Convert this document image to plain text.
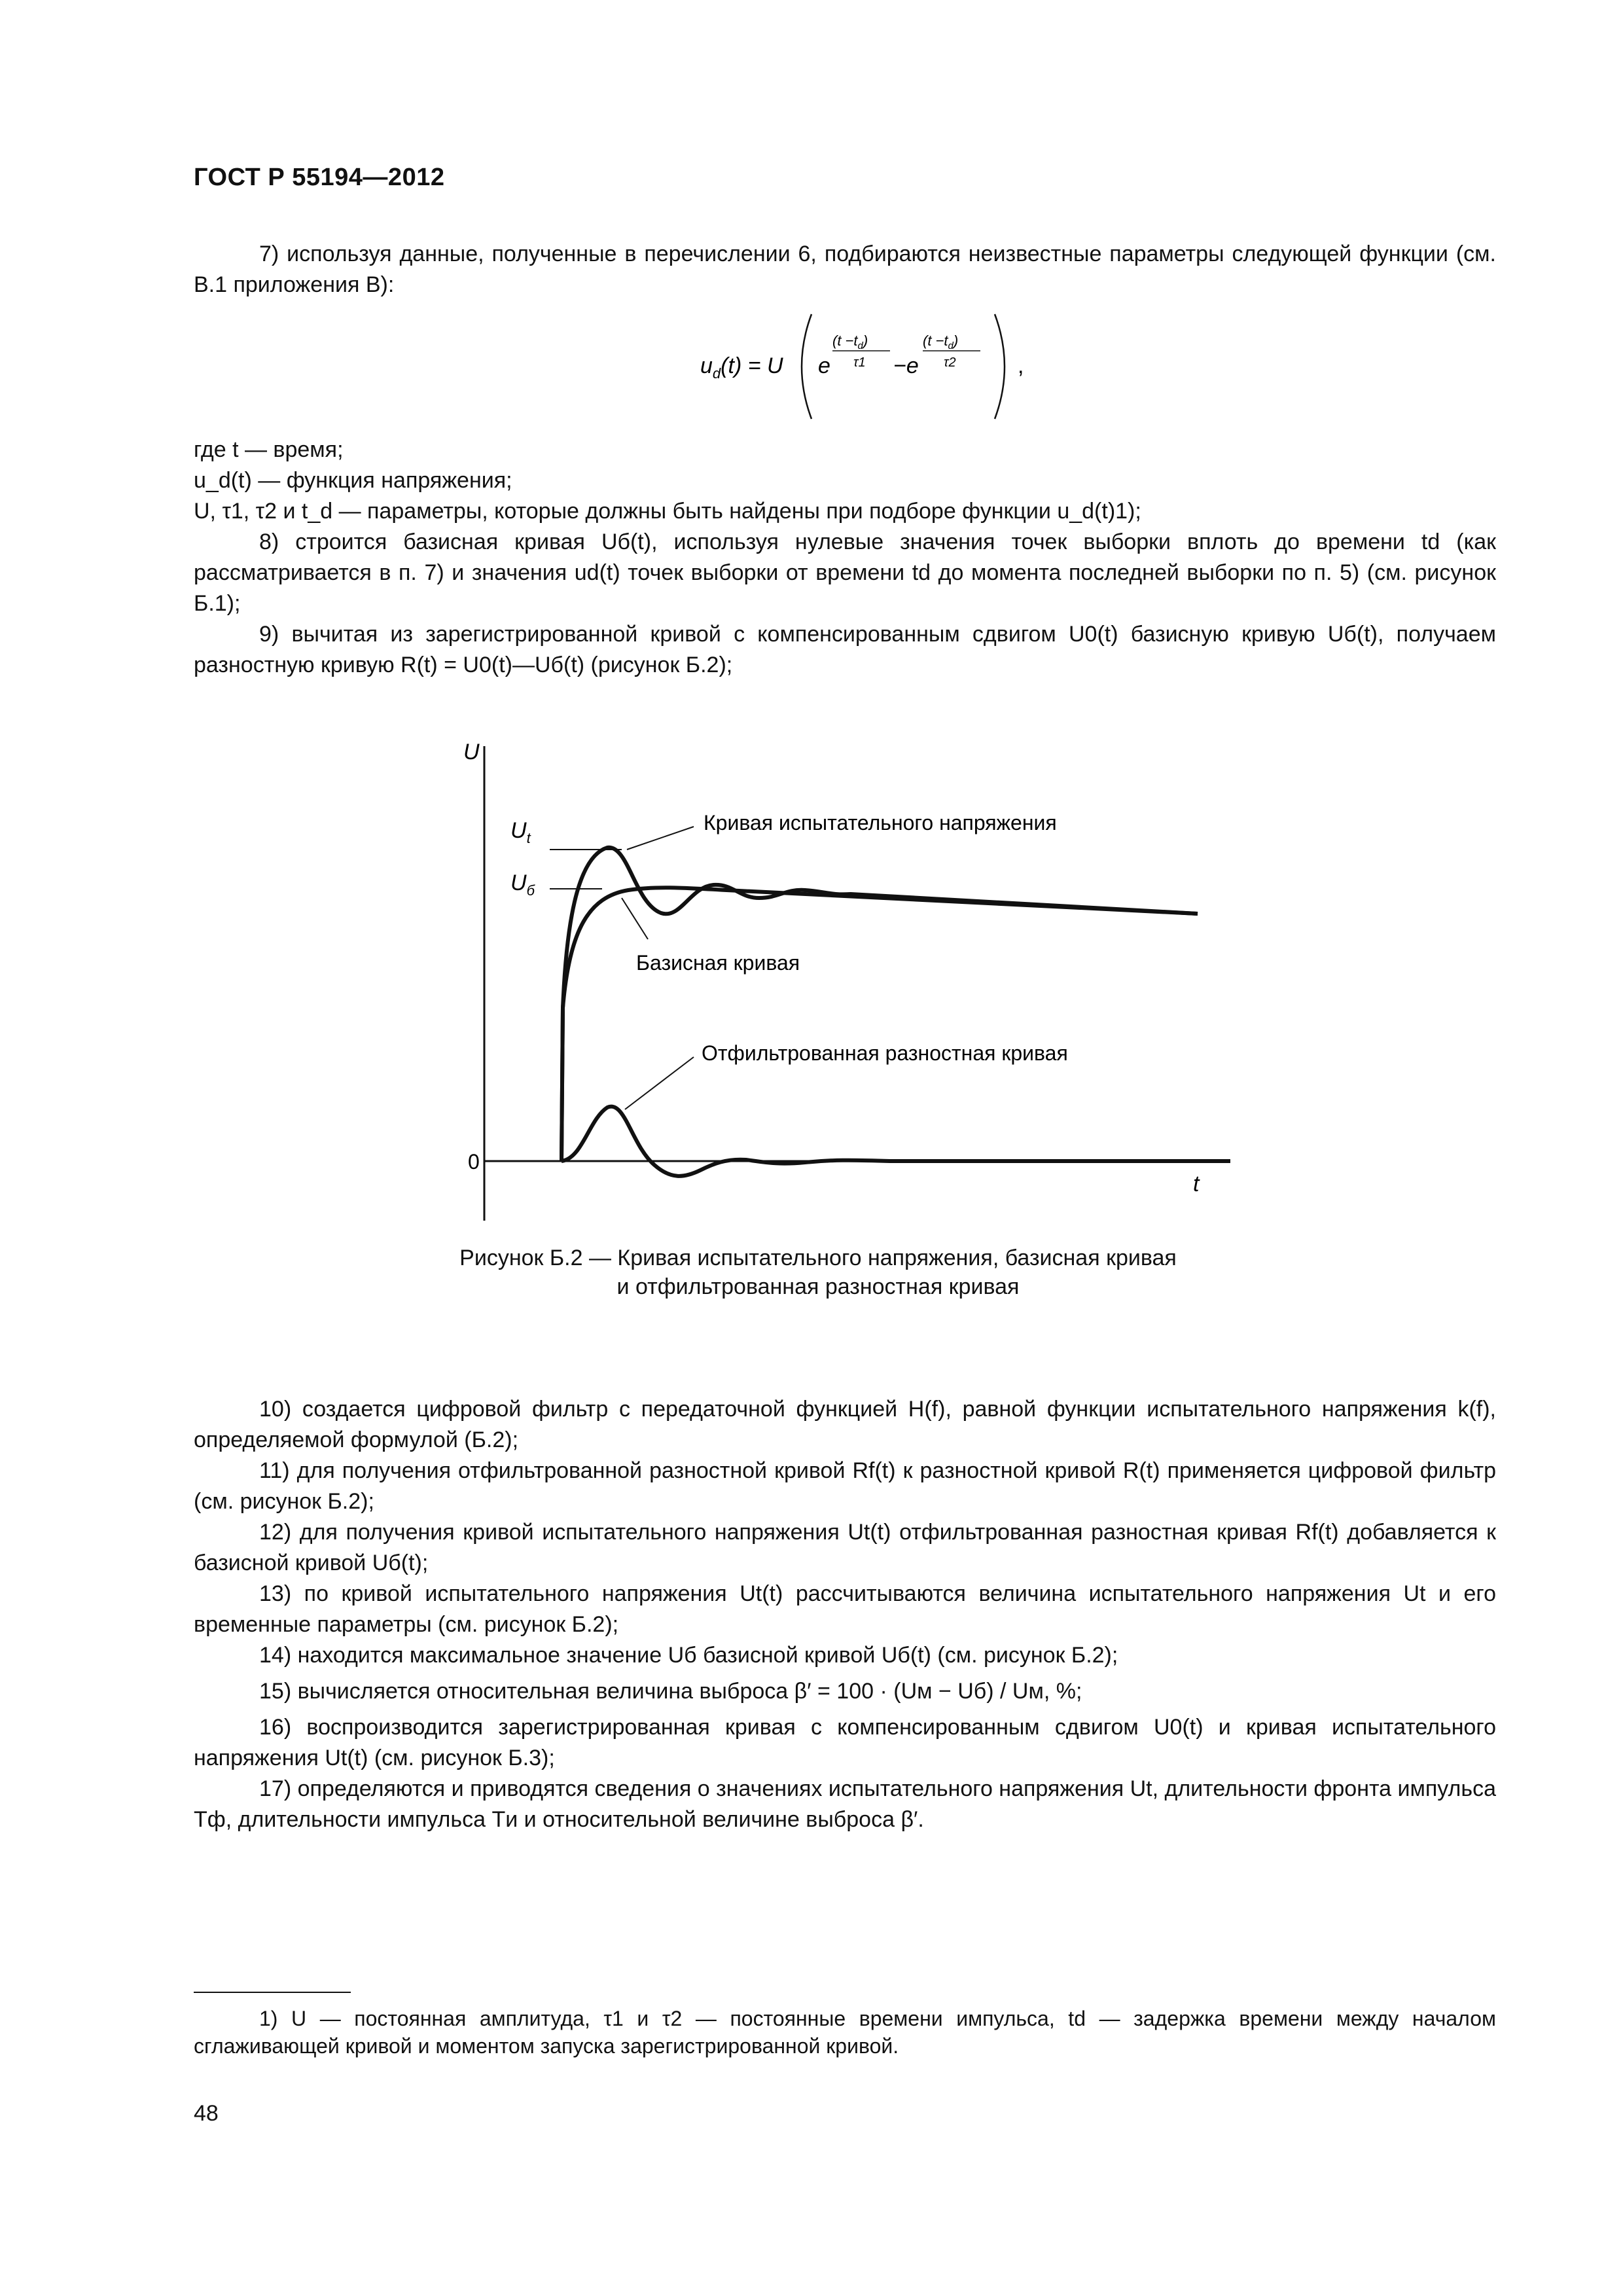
ГОСТ Р 55194—2012

7) используя данные, полученные в перечислении 6, подбираются неизвестные параметры следующей функции (см. В.1 приложения В):

$u_d(t) = U$ e
$(t -t_d)$
τ1 −e
$(t -t_d)$
τ2	,

где t — время;

u_d(t) — функция напряжения;

U, τ1, τ2 и t_d — параметры, которые должны быть найдены при подборе функции u_d(t)1);

8) строится базисная кривая Uб(t), используя нулевые значения точек выборки вплоть до времени td (как рассматривается в п. 7) и значения ud(t) точек выборки от времени td до момента последней выборки по п. 5) (см. рисунок Б.1);

9) вычитая из зарегистрированной кривой с компенсированным сдвигом U0(t) базисную кривую Uб(t), получаем разностную кривую R(t) = U0(t)—Uб(t) (рисунок Б.2);

U
0
t
$U_t$
$U_б$
Кривая испытательного напряжения
Базисная кривая
Отфильтрованная разностная кривая
Рисунок Б.2 — Кривая испытательного напряжения, базисная кривая
и отфильтрованная разностная кривая

10) создается цифровой фильтр с передаточной функцией H(f), равной функции испытательного напряжения k(f), определяемой формулой (Б.2);

11) для получения отфильтрованной разностной кривой Rf(t) к разностной кривой R(t) применяется цифровой фильтр (см. рисунок Б.2);

12) для получения кривой испытательного напряжения Ut(t) отфильтрованная разностная кривая Rf(t) добавляется к базисной кривой Uб(t);

13) по кривой испытательного напряжения Ut(t) рассчитываются величина испытательного напряжения Ut и его временные параметры (см. рисунок Б.2);

14) находится максимальное значение Uб базисной кривой Uб(t) (см. рисунок Б.2);

15) вычисляется относительная величина выброса β′ = 100 · (Uм − Uб) / Uм, %;

16) воспроизводится зарегистрированная кривая с компенсированным сдвигом U0(t) и кривая испытательного напряжения Ut(t) (см. рисунок Б.3);

17) определяются и приводятся сведения о значениях испытательного напряжения Ut, длительности фронта импульса Tф, длительности импульса Tи и относительной величине выброса β′.

1) U — постоянная амплитуда, τ1 и τ2 — постоянные времени импульса, td — задержка времени между началом сглаживающей кривой и моментом запуска зарегистрированной кривой.
48
